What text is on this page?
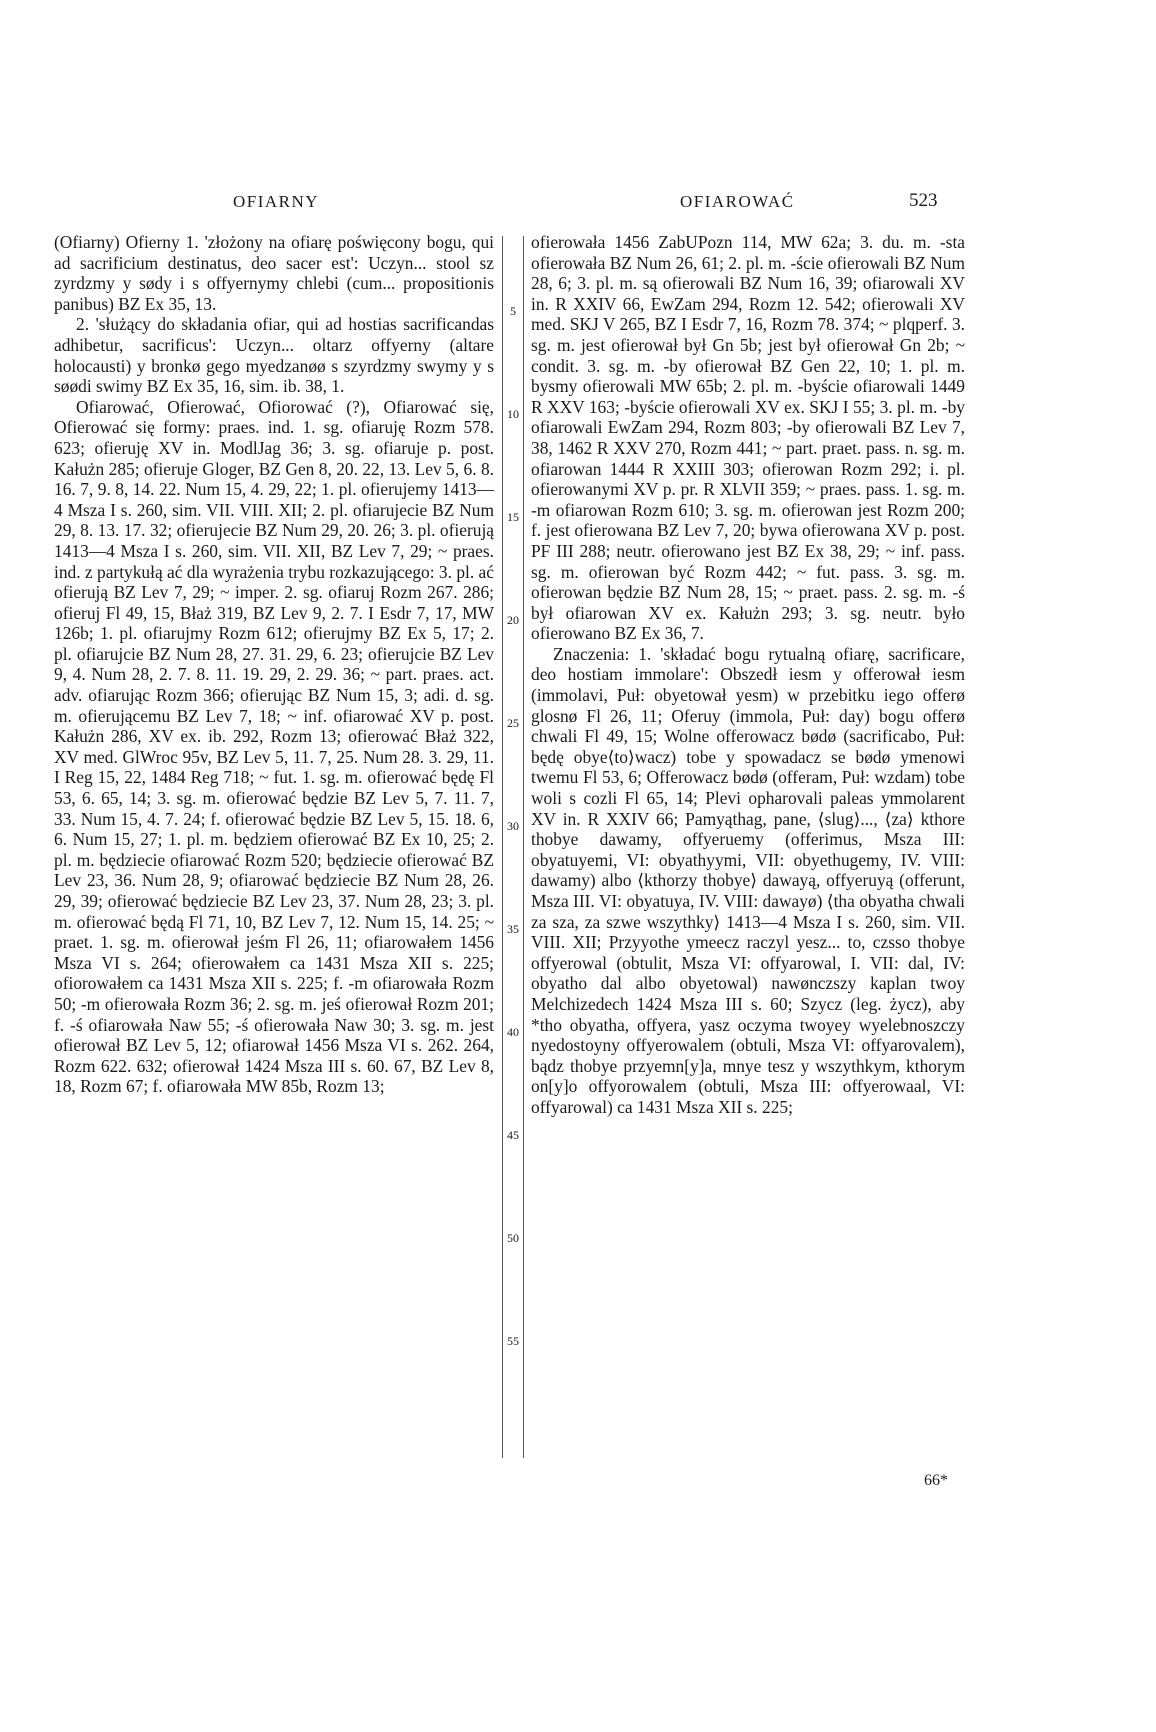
OFIARNY	OFIAROWAĆ	523

(Ofiarny) Ofierny 1. 'złożony na ofiarę poświęcony bogu, qui ad sacrificium destinatus, deo sacer est': Uczyn... stool sz zyrdzmy y sødy i s offyernymy chlebi (cum... propositionis panibus) BZ Ex 35, 13.

2. 'służący do składania ofiar, qui ad hostias sacrificandas adhibetur, sacrificus': Uczyn... oltarz offyerny (altare holocausti) y bronkø gego myedzanøø s szyrdzmy swymy y s søødi swimy BZ Ex 35, 16, sim. ib. 38, 1.

Ofiarować, Ofierować, Ofiorować (?), Ofiarować się, Ofierować się formy: praes. ind. 1. sg. ofiaruję Rozm 578. 623; ofieruję XV in. ModlJag 36; 3. sg. ofiaruje p. post. Kałużn 285; ofieruje Gloger, BZ Gen 8, 20. 22, 13. Lev 5, 6. 8. 16. 7, 9. 8, 14. 22. Num 15, 4. 29, 22; 1. pl. ofierujemy 1413—4 Msza I s. 260, sim. VII. VIII. XII; 2. pl. ofiarujecie BZ Num 29, 8. 13. 17. 32; ofierujecie BZ Num 29, 20. 26; 3. pl. ofierują 1413—4 Msza I s. 260, sim. VII. XII, BZ Lev 7, 29; ~ praes. ind. z partykułą ać dla wyrażenia trybu rozkazującego: 3. pl. ać ofierują BZ Lev 7, 29; ~ imper. 2. sg. ofiaruj Rozm 267. 286; ofieruj Fl 49, 15, Błaż 319, BZ Lev 9, 2. 7. I Esdr 7, 17, MW 126b; 1. pl. ofiarujmy Rozm 612; ofierujmy BZ Ex 5, 17; 2. pl. ofiarujcie BZ Num 28, 27. 31. 29, 6. 23; ofierujcie BZ Lev 9, 4. Num 28, 2. 7. 8. 11. 19. 29, 2. 29. 36; ~ part. praes. act. adv. ofiarując Rozm 366; ofierując BZ Num 15, 3; adi. d. sg. m. ofierującemu BZ Lev 7, 18; ~ inf. ofiarować XV p. post. Kałużn 286, XV ex. ib. 292, Rozm 13; ofierować Błaż 322, XV med. GlWroc 95v, BZ Lev 5, 11. 7, 25. Num 28. 3. 29, 11. I Reg 15, 22, 1484 Reg 718; ~ fut. 1. sg. m. ofierować będę Fl 53, 6. 65, 14; 3. sg. m. ofierować będzie BZ Lev 5, 7. 11. 7, 33. Num 15, 4. 7. 24; f. ofierować będzie BZ Lev 5, 15. 18. 6, 6. Num 15, 27; 1. pl. m. będziem ofierować BZ Ex 10, 25; 2. pl. m. będziecie ofiarować Rozm 520; będziecie ofierować BZ Lev 23, 36. Num 28, 9; ofiarować będziecie BZ Num 28, 26. 29, 39; ofierować będziecie BZ Lev 23, 37. Num 28, 23; 3. pl. m. ofierować będą Fl 71, 10, BZ Lev 7, 12. Num 15, 14. 25; ~ praet. 1. sg. m. ofierował jeśm Fl 26, 11; ofiarowałem 1456 Msza VI s. 264; ofierowałem ca 1431 Msza XII s. 225; ofiorowałem ca 1431 Msza XII s. 225; f. -m ofiarowała Rozm 50; -m ofierowała Rozm 36; 2. sg. m. jeś ofierował Rozm 201; f. -ś ofiarowała Naw 55; -ś ofierowała Naw 30; 3. sg. m. jest ofierował BZ Lev 5, 12; ofiarował 1456 Msza VI s. 262. 264, Rozm 622. 632; ofierował 1424 Msza III s. 60. 67, BZ Lev 8, 18, Rozm 67; f. ofiarowała MW 85b, Rozm 13;

5
10
15
20
25
30
35
40
45
50
55

ofierowała 1456 ZabUPozn 114, MW 62a; 3. du. m. -sta ofierowała BZ Num 26, 61; 2. pl. m. -ście ofierowali BZ Num 28, 6; 3. pl. m. są ofierowali BZ Num 16, 39; ofiarowali XV in. R XXIV 66, EwZam 294, Rozm 12. 542; ofierowali XV med. SKJ V 265, BZ I Esdr 7, 16, Rozm 78. 374; ~ plqperf. 3. sg. m. jest ofierował był Gn 5b; jest był ofierował Gn 2b; ~ condit. 3. sg. m. -by ofierował BZ Gen 22, 10; 1. pl. m. bysmy ofierowali MW 65b; 2. pl. m. -byście ofiarowali 1449 R XXV 163; -byście ofierowali XV ex. SKJ I 55; 3. pl. m. -by ofiarowali EwZam 294, Rozm 803; -by ofierowali BZ Lev 7, 38, 1462 R XXV 270, Rozm 441; ~ part. praet. pass. n. sg. m. ofiarowan 1444 R XXIII 303; ofierowan Rozm 292; i. pl. ofierowanymi XV p. pr. R XLVII 359; ~ praes. pass. 1. sg. m. -m ofiarowan Rozm 610; 3. sg. m. ofierowan jest Rozm 200; f. jest ofierowana BZ Lev 7, 20; bywa ofierowana XV p. post. PF III 288; neutr. ofierowano jest BZ Ex 38, 29; ~ inf. pass. sg. m. ofierowan być Rozm 442; ~ fut. pass. 3. sg. m. ofierowan będzie BZ Num 28, 15; ~ praet. pass. 2. sg. m. -ś był ofiarowan XV ex. Kałużn 293; 3. sg. neutr. było ofierowano BZ Ex 36, 7.

Znaczenia: 1. 'składać bogu rytualną ofiarę, sacrificare, deo hostiam immolare': Obszedł iesm y offerował iesm (immolavi, Puł: obyetował yesm) w przebitku iego offerø glosnø Fl 26, 11; Oferuy (immola, Puł: day) bogu offerø chwali Fl 49, 15; Wolne offerowacz bødø (sacrificabo, Puł: będę obye⟨to⟩wacz) tobe y spowadacz se bødø ymenowi twemu Fl 53, 6; Offerowacz bødø (offeram, Puł: wzdam) tobe woli s cozli Fl 65, 14; Plevi opharovali paleas ymmolarent XV in. R XXIV 66; Pamyąthag, pane, ⟨slug⟩..., ⟨za⟩ kthore thobye dawamy, offyeruemy (offerimus, Msza III: obyatuyemi, VI: obyathyymi, VII: obyethugemy, IV. VIII: dawamy) albo ⟨kthorzy thobye⟩ dawayą, offyeruyą (offerunt, Msza III. VI: obyatuya, IV. VIII: dawayø) ⟨tha obyatha chwali za sza, za szwe wszythky⟩ 1413—4 Msza I s. 260, sim. VII. VIII. XII; Przyyothe ymeecz raczyl yesz... to, czsso thobye offyerowal (obtulit, Msza VI: offyarowal, I. VII: dal, IV: obyatho dal albo obyetowal) nawønczszy kaplan twoy Melchizedech 1424 Msza III s. 60; Szycz (leg. życz), aby *tho obyatha, offyera, yasz oczyma twoyey wyelebnoszczy nyedostoyny offyerowalem (obtuli, Msza VI: offyarovalem), bądz thobye przyemn[y]a, mnye tesz y wszythkym, kthorym on[y]o offyorowalem (obtuli, Msza III: offyerowaal, VI: offyarowal) ca 1431 Msza XII s. 225;

66*
